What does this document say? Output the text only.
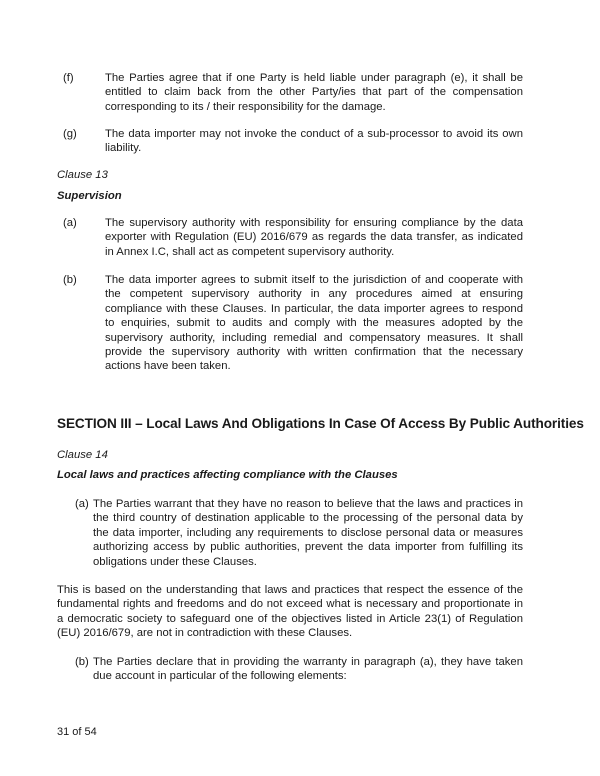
(f)	The Parties agree that if one Party is held liable under paragraph (e), it shall be entitled to claim back from the other Party/ies that part of the compensation corresponding to its / their responsibility for the damage.
(g)	The data importer may not invoke the conduct of a sub-processor to avoid its own liability.
Clause 13
Supervision
(a)	The supervisory authority with responsibility for ensuring compliance by the data exporter with Regulation (EU) 2016/679 as regards the data transfer, as indicated in Annex I.C, shall act as competent supervisory authority.
(b)	The data importer agrees to submit itself to the jurisdiction of and cooperate with the competent supervisory authority in any procedures aimed at ensuring compliance with these Clauses. In particular, the data importer agrees to respond to enquiries, submit to audits and comply with the measures adopted by the supervisory authority, including remedial and compensatory measures. It shall provide the supervisory authority with written confirmation that the necessary actions have been taken.
SECTION III – Local Laws And Obligations In Case Of Access By Public Authorities
Clause 14
Local laws and practices affecting compliance with the Clauses
(a) The Parties warrant that they have no reason to believe that the laws and practices in the third country of destination applicable to the processing of the personal data by the data importer, including any requirements to disclose personal data or measures authorizing access by public authorities, prevent the data importer from fulfilling its obligations under these Clauses.
This is based on the understanding that laws and practices that respect the essence of the fundamental rights and freedoms and do not exceed what is necessary and proportionate in a democratic society to safeguard one of the objectives listed in Article 23(1) of Regulation (EU) 2016/679, are not in contradiction with these Clauses.
(b) The Parties declare that in providing the warranty in paragraph (a), they have taken due account in particular of the following elements:
31 of 54
